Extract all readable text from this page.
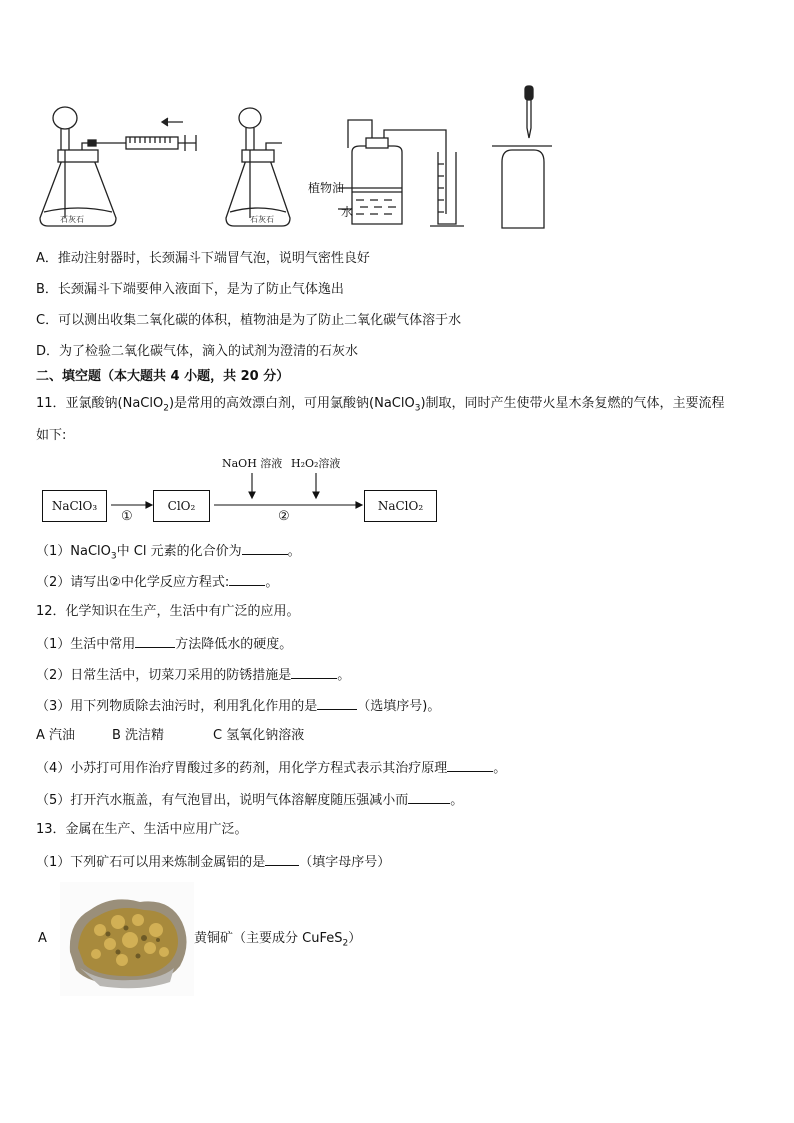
石灰石	石灰石
植物油
水
A．推动注射器时，长颈漏斗下端冒气泡，说明气密性良好
B．长颈漏斗下端要伸入液面下，是为了防止气体逸出
C．可以测出收集二氧化碳的体积，植物油是为了防止二氧化碳气体溶于水
D．为了检验二氧化碳气体，滴入的试剂为澄清的石灰水
二、填空题（本大题共 4 小题，共 20 分）
11．亚氯酸钠(NaClO$_2$)是常用的高效漂白剂，可用氯酸钠(NaClO$_3$)制取，同时产生使带火星木条复燃的气体，主要流程
如下:
NaClO₃	ClO₂	NaClO₂
①	②
NaOH 溶液 H₂O₂溶液
（1）NaClO$_3$中 Cl 元素的化合价为	。
（2）请写出②中化学反应方程式:	。
12．化学知识在生产，生活中有广泛的应用。
（1）生活中常用	方法降低水的硬度。
（2）日常生活中，切菜刀采用的防锈措施是	。
（3）用下列物质除去油污时，利用乳化作用的是	（选填序号)。
A 汽油	B 洗洁精	C 氢氧化钠溶液
（4）小苏打可用作治疗胃酸过多的药剂，用化学方程式表示其治疗原理	。
（5）打开汽水瓶盖，有气泡冒出，说明气体溶解度随压强减小而	。
13．金属在生产、生活中应用广泛。
（1）下列矿石可以用来炼制金属铝的是	（填字母序号）
A	黄铜矿（主要成分 CuFeS$_2$）
